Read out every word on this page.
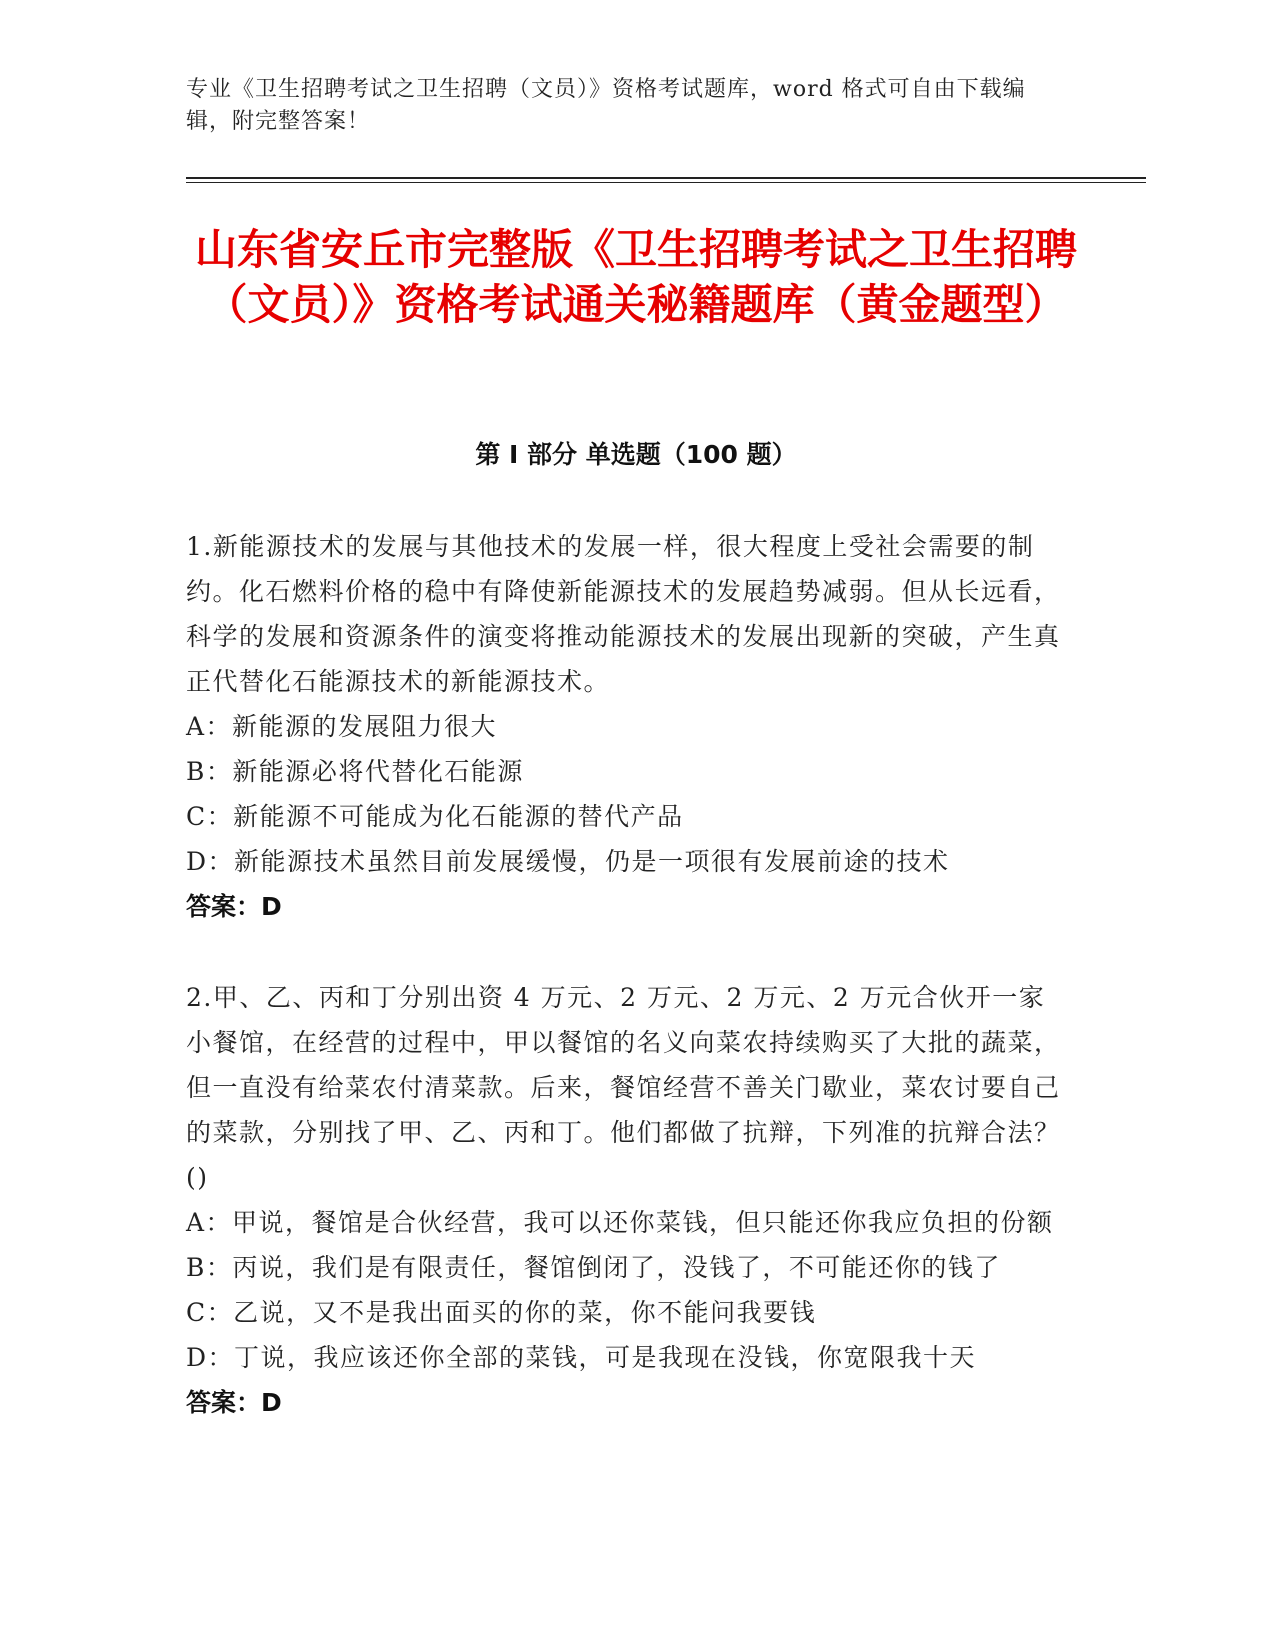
专业《卫生招聘考试之卫生招聘（文员）》资格考试题库，word 格式可自由下载编辑，附完整答案！
山东省安丘市完整版《卫生招聘考试之卫生招聘（文员）》资格考试通关秘籍题库（黄金题型）
第 I 部分 单选题（100 题）

1.新能源技术的发展与其他技术的发展一样，很大程度上受社会需要的制约。化石燃料价格的稳中有降使新能源技术的发展趋势减弱。但从长远看，科学的发展和资源条件的演变将推动能源技术的发展出现新的突破，产生真正代替化石能源技术的新能源技术。

A：新能源的发展阻力很大

B：新能源必将代替化石能源

C：新能源不可能成为化石能源的替代产品

D：新能源技术虽然目前发展缓慢，仍是一项很有发展前途的技术

答案：D

2.甲、乙、丙和丁分别出资 4 万元、2 万元、2 万元、2 万元合伙开一家小餐馆，在经营的过程中，甲以餐馆的名义向菜农持续购买了大批的蔬菜，但一直没有给菜农付清菜款。后来，餐馆经营不善关门歇业，菜农讨要自己的菜款，分别找了甲、乙、丙和丁。他们都做了抗辩，下列准的抗辩合法？()

A：甲说，餐馆是合伙经营，我可以还你菜钱，但只能还你我应负担的份额

B：丙说，我们是有限责任，餐馆倒闭了，没钱了，不可能还你的钱了

C：乙说，又不是我出面买的你的菜，你不能问我要钱

D：丁说，我应该还你全部的菜钱，可是我现在没钱，你宽限我十天

答案：D
